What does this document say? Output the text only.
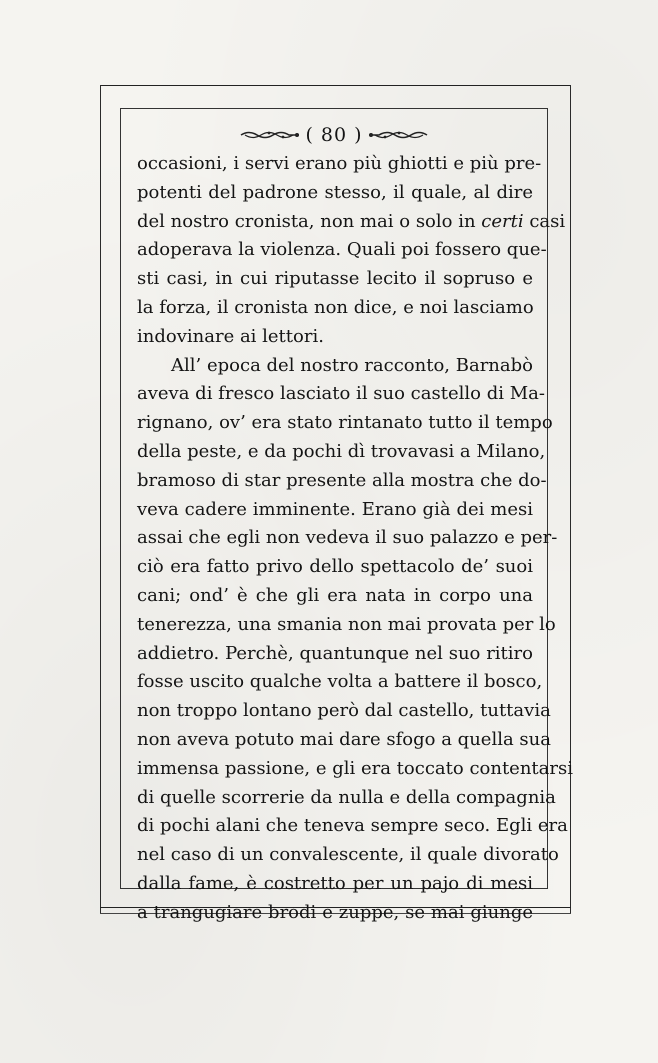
( 80 )
occasioni, i servi erano più ghiotti e più pre-
potenti del padrone stesso, il quale, al dire
del nostro cronista, non mai o solo in certi casi
adoperava la violenza. Quali poi fossero que-
sti casi, in cui riputasse lecito il sopruso e
la forza, il cronista non dice, e noi lasciamo
indovinare ai lettori.
All’ epoca del nostro racconto, Barnabò
aveva di fresco lasciato il suo castello di Ma-
rignano, ov’ era stato rintanato tutto il tempo
della peste, e da pochi dì trovavasi a Milano,
bramoso di star presente alla mostra che do-
veva cadere imminente. Erano già dei mesi
assai che egli non vedeva il suo palazzo e per-
ciò era fatto privo dello spettacolo de’ suoi
cani; ond’ è che gli era nata in corpo una
tenerezza, una smania non mai provata per lo
addietro. Perchè, quantunque nel suo ritiro
fosse uscito qualche volta a battere il bosco,
non troppo lontano però dal castello, tuttavia
non aveva potuto mai dare sfogo a quella sua
immensa passione, e gli era toccato contentarsi
di quelle scorrerie da nulla e della compagnia
di pochi alani che teneva sempre seco. Egli era
nel caso di un convalescente, il quale divorato
dalla fame, è costretto per un pajo di mesi
a trangugiare brodi e zuppe, se mai giunge
